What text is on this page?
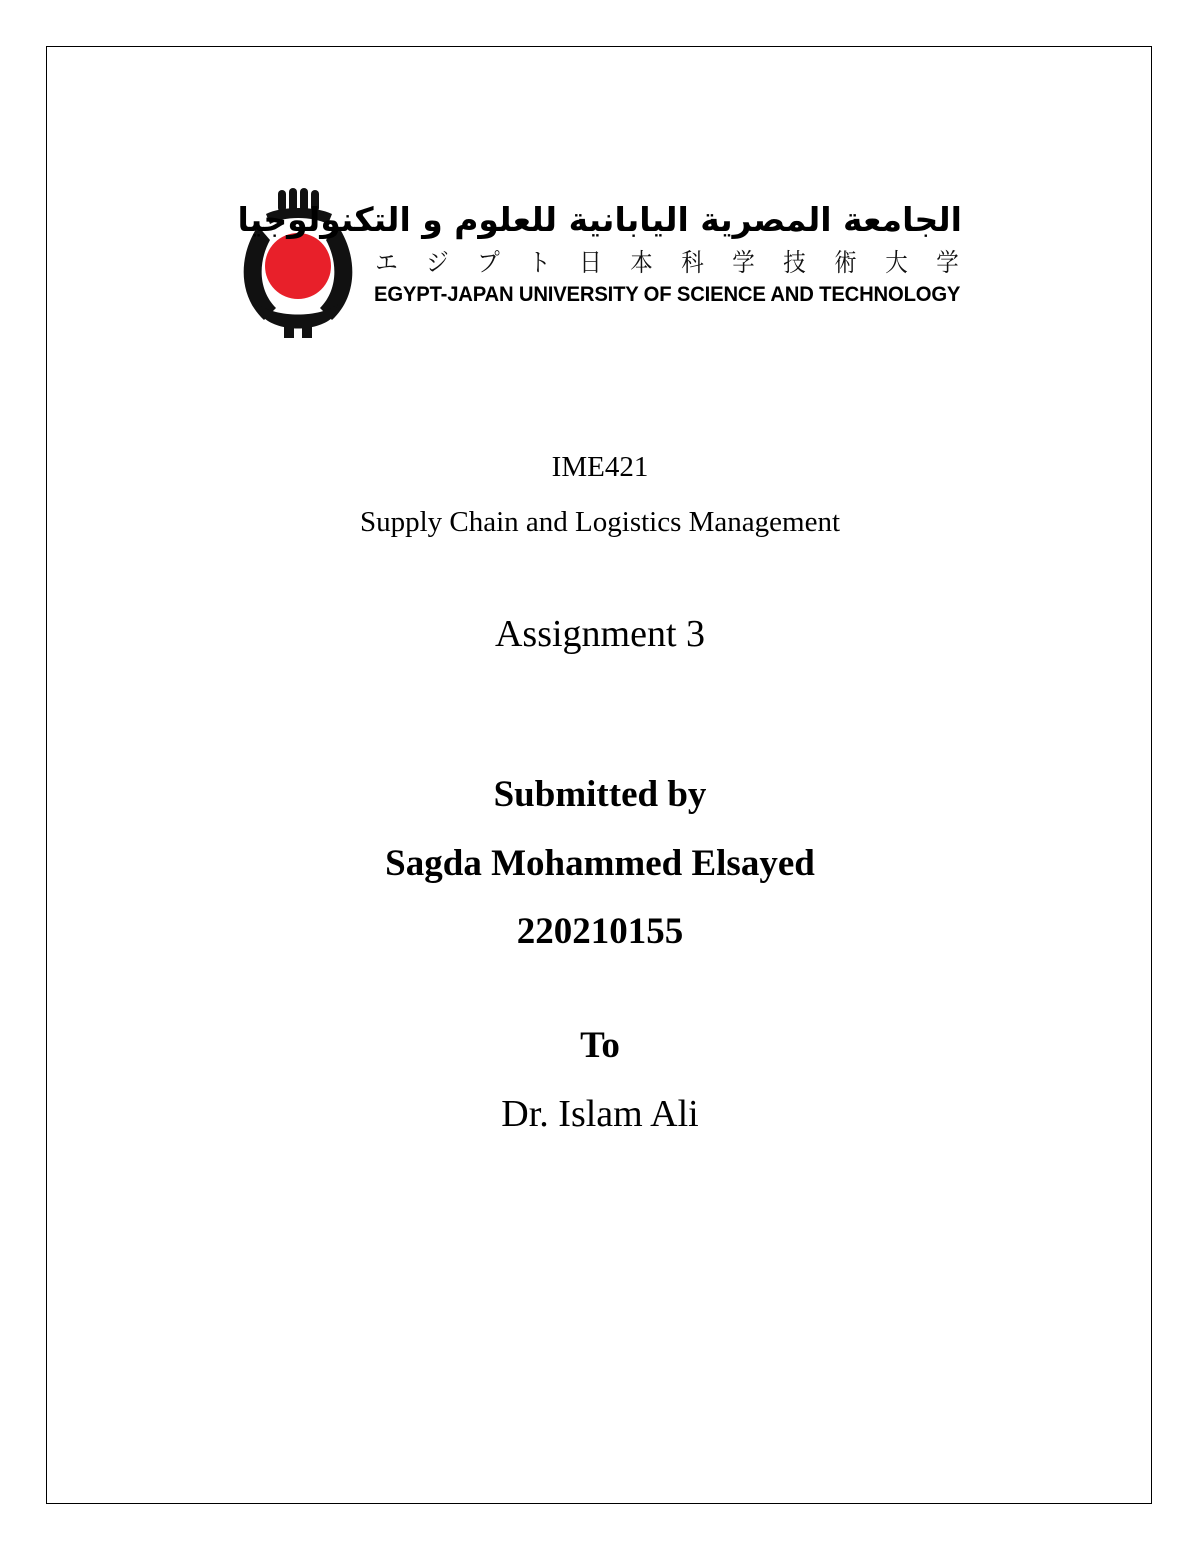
الجامعة المصرية اليابانية للعلوم و التكنولوجيا
エ ジ プ ト 日 本 科 学 技 術 大 学
EGYPT-JAPAN UNIVERSITY OF SCIENCE AND TECHNOLOGY
IME421
Supply Chain and Logistics Management
Assignment 3
Submitted by
Sagda Mohammed Elsayed
220210155
To
Dr. Islam Ali
